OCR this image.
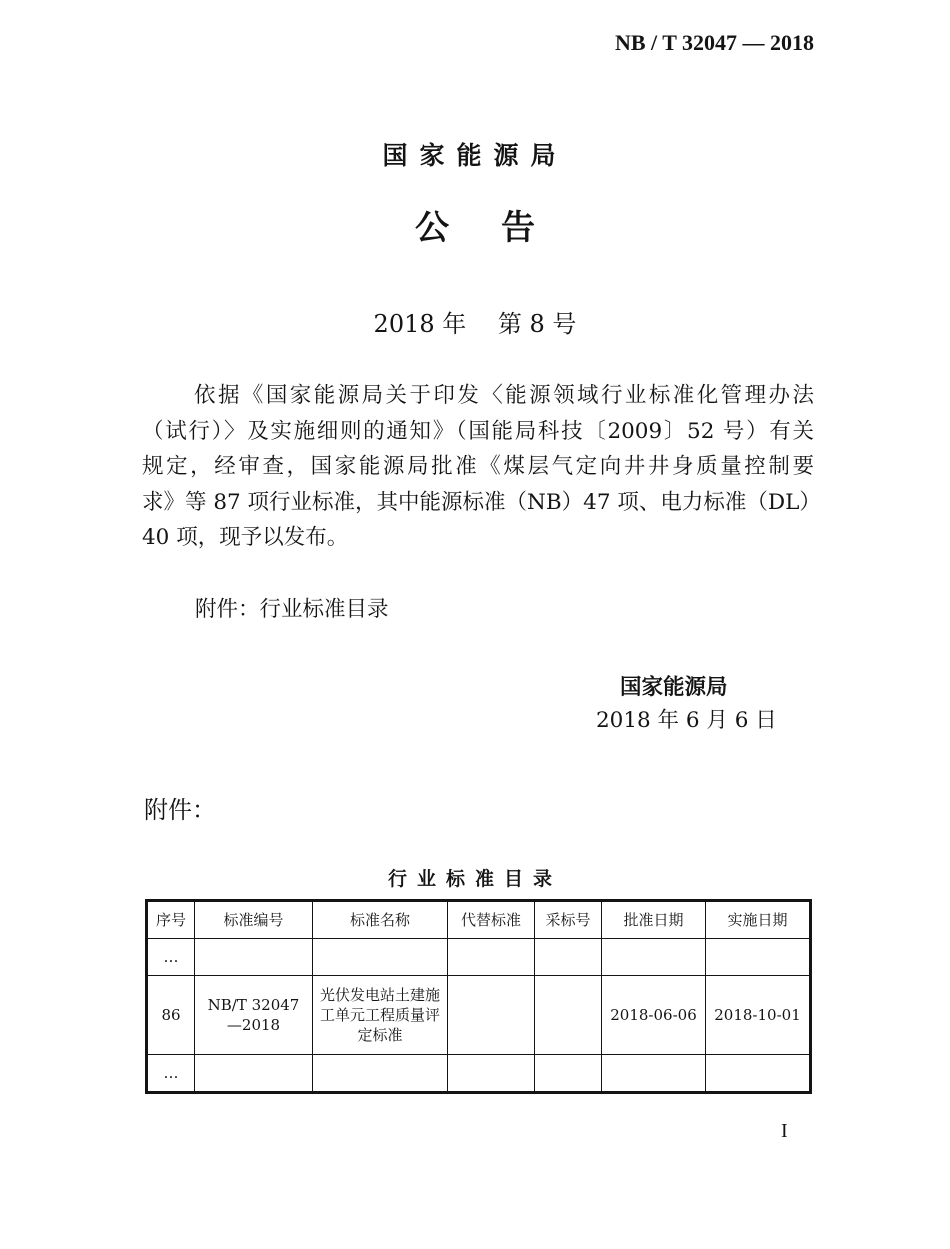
NB / T 32047 — 2018
国家能源局
公告
2018 年 第 8 号
依据《国家能源局关于印发〈能源领域行业标准化管理办法
（试行）〉及实施细则的通知》（国能局科技〔2009〕52 号）有关
规定，经审查，国家能源局批准《煤层气定向井井身质量控制要
求》等 87 项行业标准，其中能源标准（NB）47 项、电力标准（DL）
40 项，现予以发布。
附件：行业标准目录
国家能源局
2018 年 6 月 6 日
附件：
行业标准目录
序号	标准编号	标准名称	代替标准	采标号	批准日期	实施日期
…						
86	NB/T 32047—2018	光伏发电站土建施工单元工程质量评定标准			2018-06-06	2018-10-01
…						
I
